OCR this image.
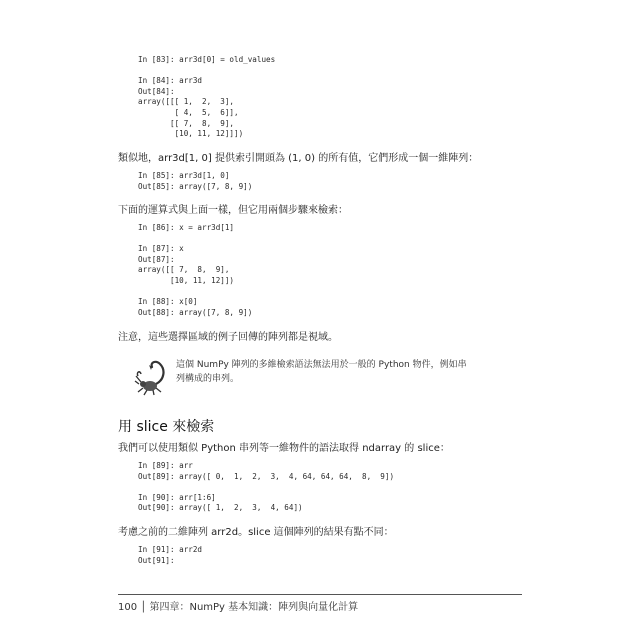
In [83]: arr3d[0] = old_values

In [84]: arr3d
Out[84]:
array([[[ 1,  2,  3],
[ 4,  5,  6]],
[[ 7,  8,  9],
[10, 11, 12]]])

類似地，arr3d[1, 0] 提供索引開頭為 (1, 0) 的所有值，它們形成一個一維陣列：

In [85]: arr3d[1, 0]
Out[85]: array([7, 8, 9])

下面的運算式與上面一樣，但它用兩個步驟來檢索：

In [86]: x = arr3d[1]

In [87]: x
Out[87]:
array([[ 7,  8,  9],
[10, 11, 12]])

In [88]: x[0]
Out[88]: array([7, 8, 9])

注意，這些選擇區域的例子回傳的陣列都是視域。

這個 NumPy 陣列的多維檢索語法無法用於一般的 Python 物件，例如串
列構成的串列。
用 slice 來檢索

我們可以使用類似 Python 串列等一維物件的語法取得 ndarray 的 slice：

In [89]: arr
Out[89]: array([ 0,  1,  2,  3,  4, 64, 64, 64,  8,  9])

In [90]: arr[1:6]
Out[90]: array([ 1,  2,  3,  4, 64])

考慮之前的二維陣列 arr2d。slice 這個陣列的結果有點不同：

In [91]: arr2d
Out[91]:

100 │ 第四章：NumPy 基本知識：陣列與向量化計算
